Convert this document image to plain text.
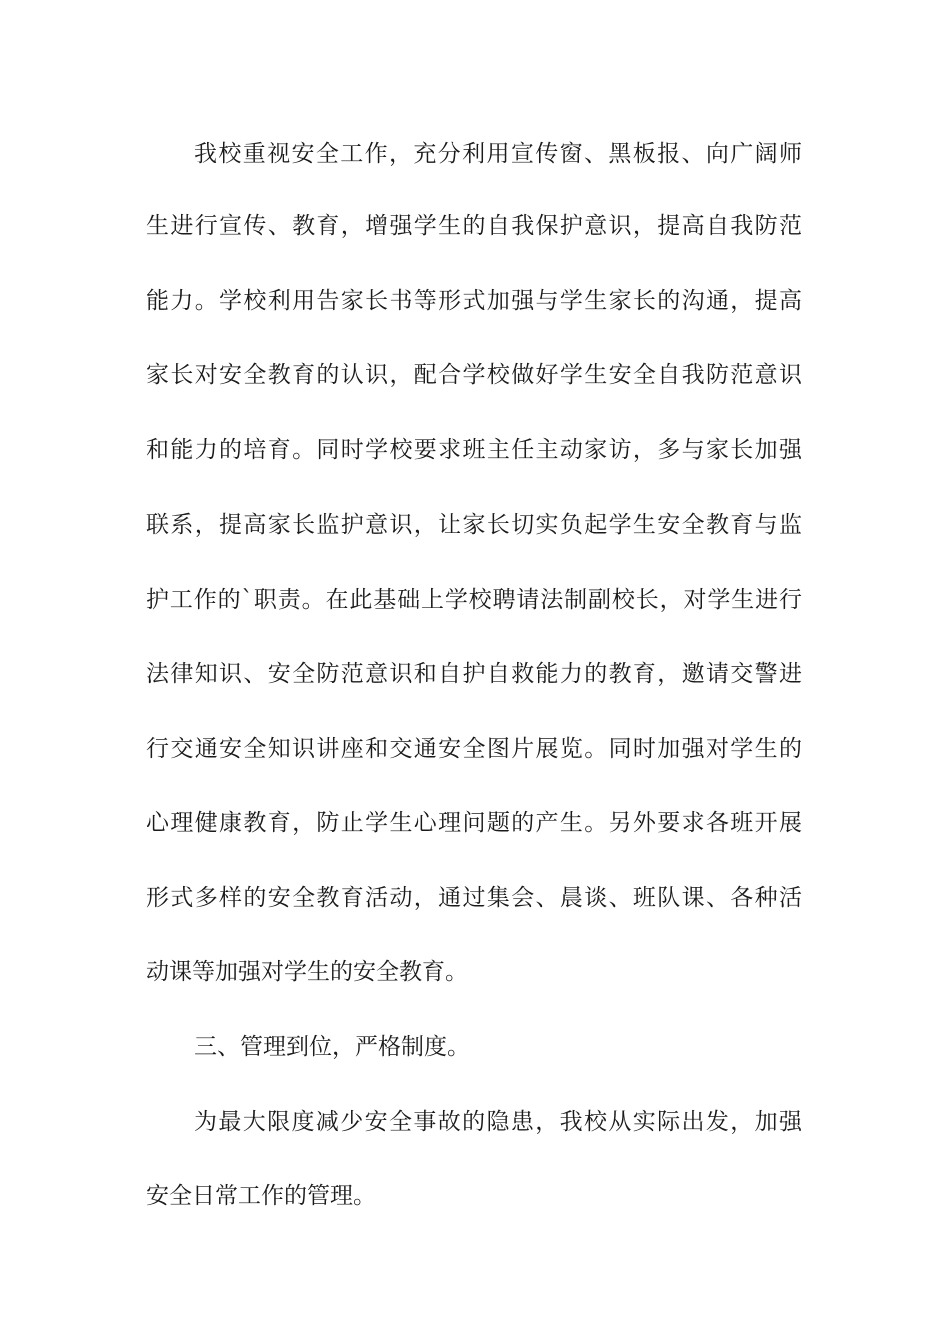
我校重视安全工作，充分利用宣传窗、黑板报、向广阔师
生进行宣传、教育，增强学生的自我保护意识，提高自我防范
能力。学校利用告家长书等形式加强与学生家长的沟通，提高
家长对安全教育的认识，配合学校做好学生安全自我防范意识
和能力的培育。同时学校要求班主任主动家访，多与家长加强
联系，提高家长监护意识，让家长切实负起学生安全教育与监
护工作的`职责。在此基础上学校聘请法制副校长，对学生进行
法律知识、安全防范意识和自护自救能力的教育，邀请交警进
行交通安全知识讲座和交通安全图片展览。同时加强对学生的
心理健康教育，防止学生心理问题的产生。另外要求各班开展
形式多样的安全教育活动，通过集会、晨谈、班队课、各种活
动课等加强对学生的安全教育。
三、管理到位，严格制度。
为最大限度减少安全事故的隐患，我校从实际出发，加强
安全日常工作的管理。
